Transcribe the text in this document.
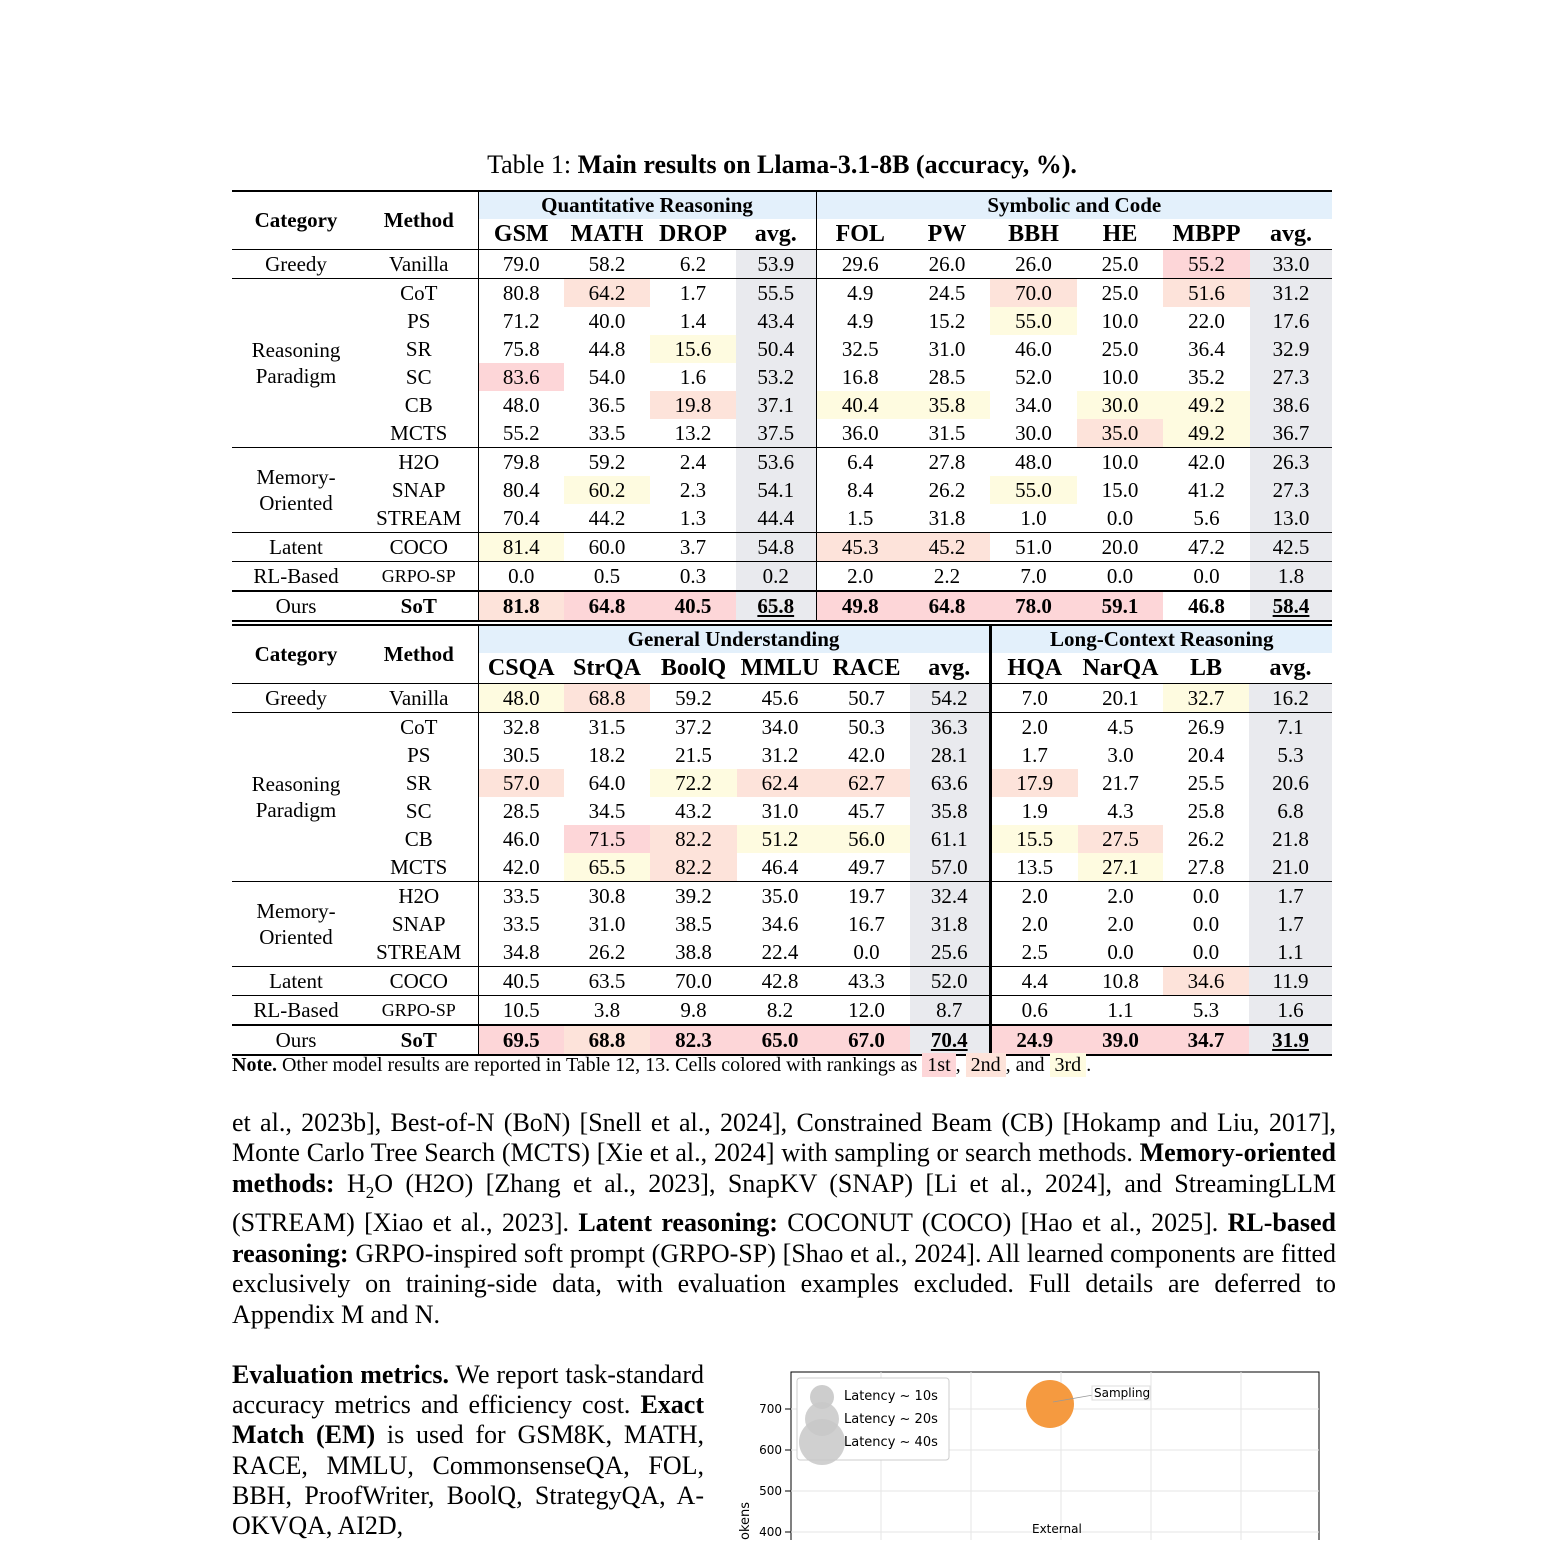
Table 1: Main results on Llama-3.1-8B (accuracy, %).
Category	Method	Quantitative Reasoning				Symbolic and Code					
		GSM	MATH	DROP	avg.	FOL	PW	BBH	HE	MBPP	avg.
Greedy	Vanilla	79.0	58.2	6.2	53.9	29.6	26.0	26.0	25.0	55.2	33.0
Reasoning Paradigm	CoT	80.8	64.2	1.7	55.5	4.9	24.5	70.0	25.0	51.6	31.2
	PS	71.2	40.0	1.4	43.4	4.9	15.2	55.0	10.0	22.0	17.6
	SR	75.8	44.8	15.6	50.4	32.5	31.0	46.0	25.0	36.4	32.9
	SC	83.6	54.0	1.6	53.2	16.8	28.5	52.0	10.0	35.2	27.3
	CB	48.0	36.5	19.8	37.1	40.4	35.8	34.0	30.0	49.2	38.6
	MCTS	55.2	33.5	13.2	37.5	36.0	31.5	30.0	35.0	49.2	36.7
Memory- Oriented	H2O	79.8	59.2	2.4	53.6	6.4	27.8	48.0	10.0	42.0	26.3
	SNAP	80.4	60.2	2.3	54.1	8.4	26.2	55.0	15.0	41.2	27.3
	STREAM	70.4	44.2	1.3	44.4	1.5	31.8	1.0	0.0	5.6	13.0
Latent	COCO	81.4	60.0	3.7	54.8	45.3	45.2	51.0	20.0	47.2	42.5
RL-Based	GRPO-SP	0.0	0.5	0.3	0.2	2.0	2.2	7.0	0.0	0.0	1.8
Ours	SoT	81.8	64.8	40.5	65.8	49.8	64.8	78.0	59.1	46.8	58.4
Category	Method	General Understanding						Long-Context Reasoning			
		CSQA	StrQA	BoolQ	MMLU	RACE	avg.	HQA	NarQA	LB	avg.
Greedy	Vanilla	48.0	68.8	59.2	45.6	50.7	54.2	7.0	20.1	32.7	16.2
Reasoning Paradigm	CoT	32.8	31.5	37.2	34.0	50.3	36.3	2.0	4.5	26.9	7.1
	PS	30.5	18.2	21.5	31.2	42.0	28.1	1.7	3.0	20.4	5.3
	SR	57.0	64.0	72.2	62.4	62.7	63.6	17.9	21.7	25.5	20.6
	SC	28.5	34.5	43.2	31.0	45.7	35.8	1.9	4.3	25.8	6.8
	CB	46.0	71.5	82.2	51.2	56.0	61.1	15.5	27.5	26.2	21.8
	MCTS	42.0	65.5	82.2	46.4	49.7	57.0	13.5	27.1	27.8	21.0
Memory- Oriented	H2O	33.5	30.8	39.2	35.0	19.7	32.4	2.0	2.0	0.0	1.7
	SNAP	33.5	31.0	38.5	34.6	16.7	31.8	2.0	2.0	0.0	1.7
	STREAM	34.8	26.2	38.8	22.4	0.0	25.6	2.5	0.0	0.0	1.1
Latent	COCO	40.5	63.5	70.0	42.8	43.3	52.0	4.4	10.8	34.6	11.9
RL-Based	GRPO-SP	10.5	3.8	9.8	8.2	12.0	8.7	0.6	1.1	5.3	1.6
Ours	SoT	69.5	68.8	82.3	65.0	67.0	70.4	24.9	39.0	34.7	31.9
Note. Other model results are reported in Table 12, 13. Cells colored with rankings as 1st , 2nd , and 3rd .

et al., 2023b], Best-of-N (BoN) [Snell et al., 2024], Constrained Beam (CB) [Hokamp and Liu, 2017], Monte Carlo Tree Search (MCTS) [Xie et al., 2024] with sampling or search methods. Memory-oriented methods: $H_2O$ (H2O) [Zhang et al., 2023], SnapKV (SNAP) [Li et al., 2024], and StreamingLLM (STREAM) [Xiao et al., 2023]. Latent reasoning: COCONUT (COCO) [Hao et al., 2025]. RL-based reasoning: GRPO-inspired soft prompt (GRPO-SP) [Shao et al., 2024]. All learned components are fitted exclusively on training-side data, with evaluation examples excluded. Full details are deferred to Appendix M and N.

Evaluation metrics. We report task-standard accuracy metrics and efficiency cost. Exact Match (EM) is used for GSM8K, MATH, RACE, MMLU, CommonsenseQA, FOL, BBH, ProofWriter, BoolQ, StrategyQA, A-OKVQA, AI2D,

700
600
500
400
okens
Latency ~ 10s
Latency ~ 20s
Latency ~ 40s
Sampling
External
